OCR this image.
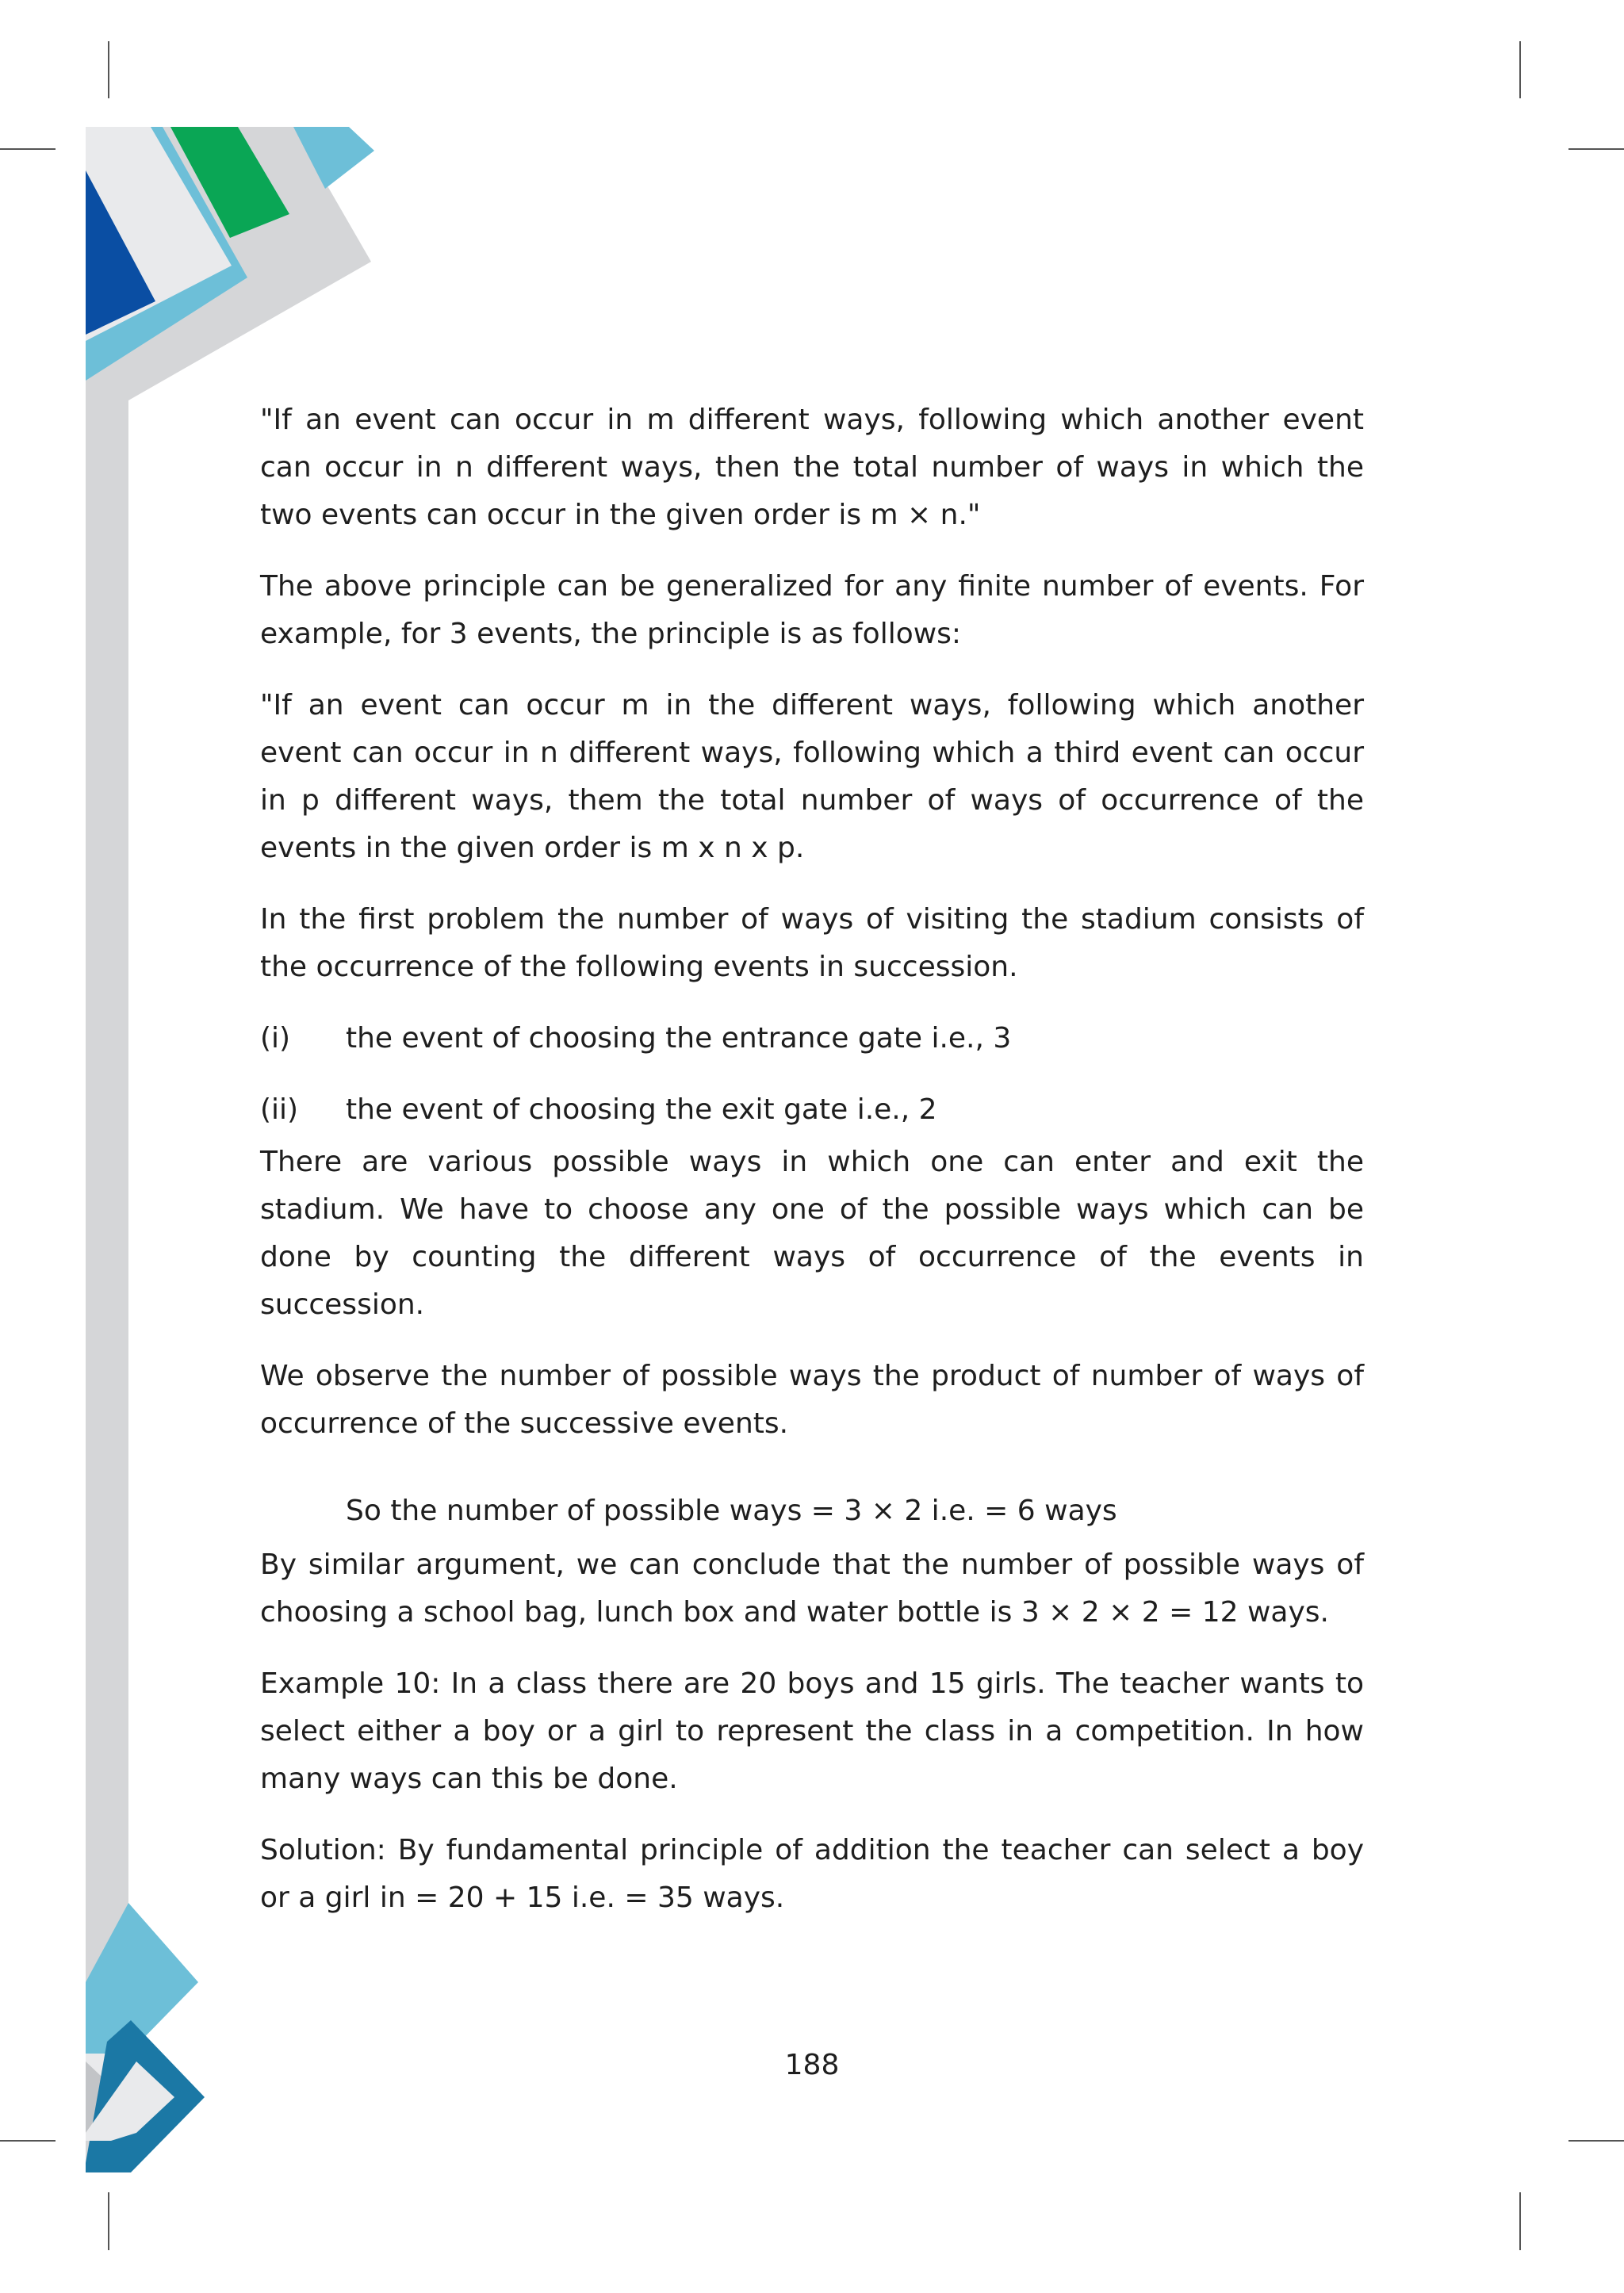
"If an event can occur in m different ways, following which another event can occur in n different ways, then the total number of ways in which the two events can occur in the given order is m × n."

The above principle can be generalized for any finite number of events. For example, for 3 events, the principle is as follows:

"If an event can occur m in the different ways, following which another event can occur in n different ways, following which a third event can occur in p different ways, them the total number of ways of occurrence of the events in the given order is m x n x p.

In the first problem the number of ways of visiting the stadium consists of the occurrence of the following events in succession.

(i)	the event of choosing the entrance gate i.e., 3
(ii)	the event of choosing the exit gate i.e., 2

There are various possible ways in which one can enter and exit the stadium. We have to choose any one of the possible ways which can be done by counting the different ways of occurrence of the events in succession.

We observe the number of possible ways the product of number of ways of occurrence of the successive events.

So the number of possible ways = 3 × 2 i.e. = 6 ways

By similar argument, we can conclude that the number of possible ways of choosing a school bag, lunch box and water bottle is 3 × 2 × 2 = 12 ways.

Example 10: In a class there are 20 boys and 15 girls. The teacher wants to select either a boy or a girl to represent the class in a competition. In how many ways can this be done.

Solution: By fundamental principle of addition the teacher can select a boy or a girl in = 20 + 15 i.e. = 35 ways.

188
